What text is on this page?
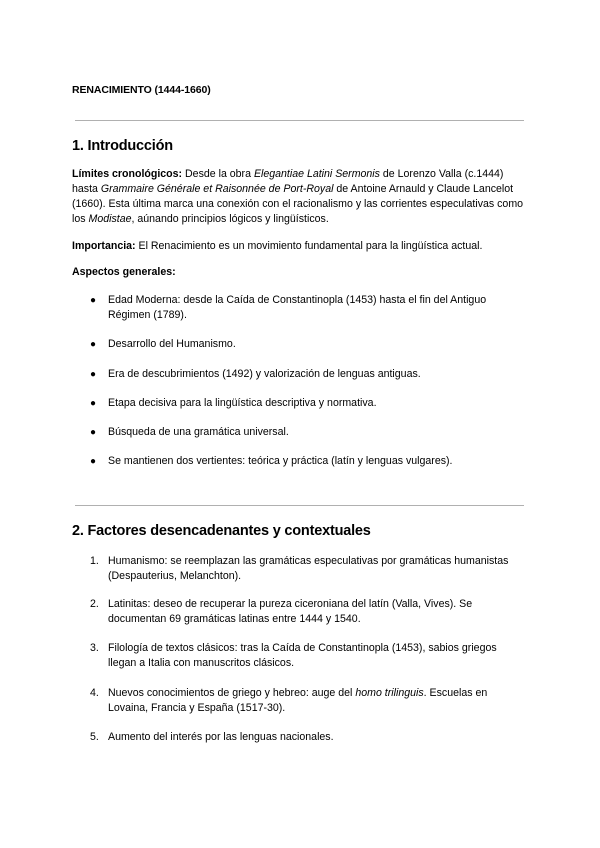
RENACIMIENTO (1444-1660)
1. Introducción
Límites cronológicos: Desde la obra Elegantiae Latini Sermonis de Lorenzo Valla (c.1444) hasta Grammaire Générale et Raisonnée de Port-Royal de Antoine Arnauld y Claude Lancelot (1660). Esta última marca una conexión con el racionalismo y las corrientes especulativas como los Modistae, aúnando principios lógicos y lingüísticos.
Importancia: El Renacimiento es un movimiento fundamental para la lingüística actual.
Aspectos generales:
●	Edad Moderna: desde la Caída de Constantinopla (1453) hasta el fin del Antiguo Régimen (1789).
●	Desarrollo del Humanismo.
●	Era de descubrimientos (1492) y valorización de lenguas antiguas.
●	Etapa decisiva para la lingüística descriptiva y normativa.
●	Búsqueda de una gramática universal.
●	Se mantienen dos vertientes: teórica y práctica (latín y lenguas vulgares).
2. Factores desencadenantes y contextuales
1. Humanismo: se reemplazan las gramáticas especulativas por gramáticas humanistas (Despauterius, Melanchton).
2. Latinitas: deseo de recuperar la pureza ciceroniana del latín (Valla, Vives). Se documentan 69 gramáticas latinas entre 1444 y 1540.
3. Filología de textos clásicos: tras la Caída de Constantinopla (1453), sabios griegos llegan a Italia con manuscritos clásicos.
4. Nuevos conocimientos de griego y hebreo: auge del homo trilinguis. Escuelas en Lovaina, Francia y España (1517-30).
5. Aumento del interés por las lenguas nacionales.
